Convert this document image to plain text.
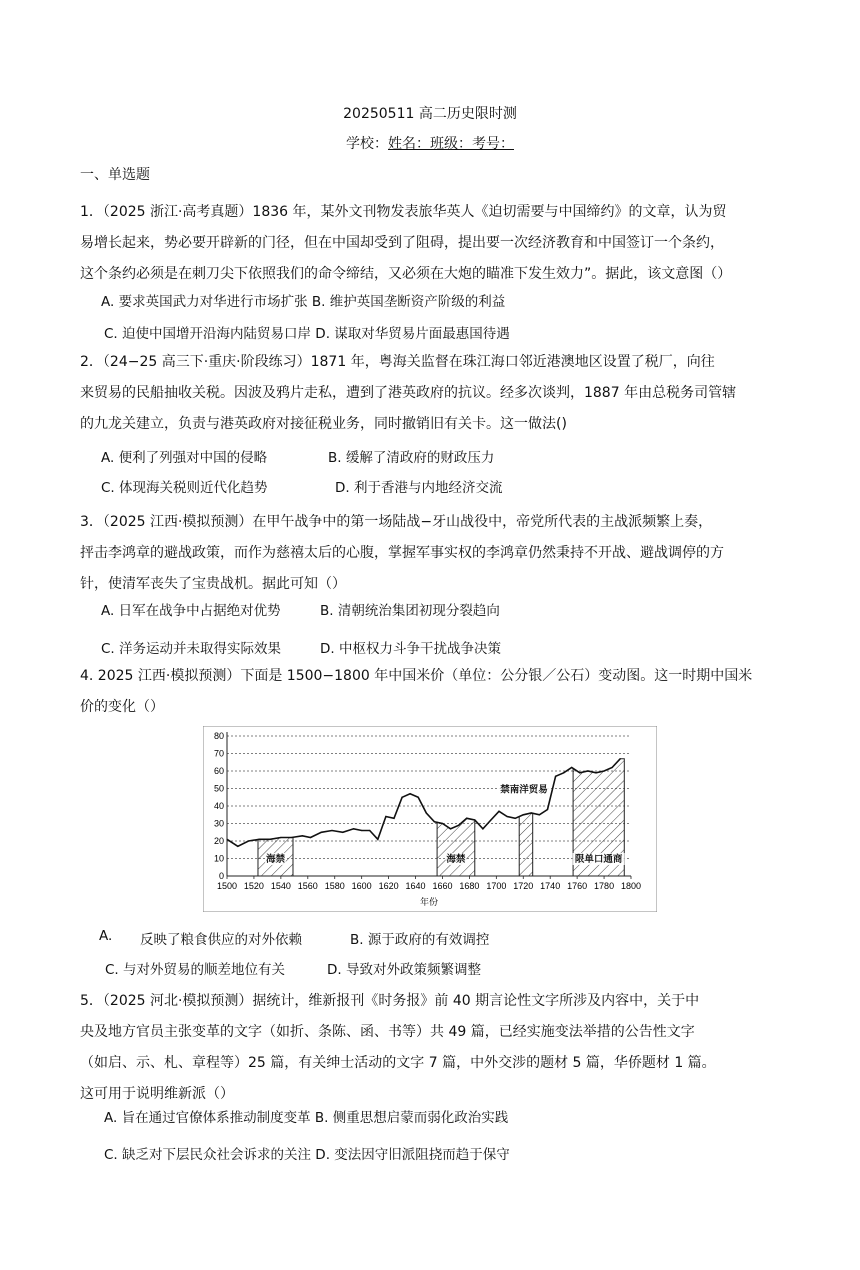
20250511 高二历史限时测
学校：姓名：班级：考号：
一、单选题
1．（2025 浙江·高考真题）1836 年，某外文刊物发表旅华英人《迫切需要与中国缔约》的文章，认为贸
易增长起来，势必要开辟新的门径，但在中国却受到了阻碍，提出要一次经济教育和中国签订一个条约，
这个条约必须是在刺刀尖下依照我们的命令缔结，又必须在大炮的瞄准下发生效力”。据此，该文意图（）
A. 要求英国武力对华进行市场扩张 B. 维护英国垄断资产阶级的利益
C. 迫使中国增开沿海内陆贸易口岸 D. 谋取对华贸易片面最惠国待遇
2．（24−25 高三下·重庆·阶段练习）1871 年，粤海关监督在珠江海口邻近港澳地区设置了税厂，向往
来贸易的民船抽收关税。因波及鸦片走私，遭到了港英政府的抗议。经多次谈判，1887 年由总税务司管辖
的九龙关建立，负责与港英政府对接征税业务，同时撤销旧有关卡。这一做法()
A. 便利了列强对中国的侵略	B. 缓解了清政府的财政压力
C. 体现海关税则近代化趋势	D. 利于香港与内地经济交流
3．（2025 江西·模拟预测）在甲午战争中的第一场陆战−牙山战役中，帝党所代表的主战派频繁上奏，
抨击李鸿章的避战政策，而作为慈禧太后的心腹，掌握军事实权的李鸿章仍然秉持不开战、避战调停的方
针，使清军丧失了宝贵战机。据此可知（）
A. 日军在战争中占据绝对优势	B. 清朝统治集团初现分裂趋向
C. 洋务运动并未取得实际效果	D. 中枢权力斗争干扰战争决策
4. 2025 江西·模拟预测）下面是 1500−1800 年中国米价（单位：公分银／公石）变动图。这一时期中国米
价的变化（）
0
10
20
30
40
50
60
70
80
1500 1520 1540 1560 1580 1600 1620 1640 1660 1680 1700 1720 1740 1760 1780 1800
年份
海禁	海禁
禁南洋贸易
限单口通商
A. 反映了粮食供应的对外依赖	B. 源于政府的有效调控
C. 与对外贸易的顺差地位有关	D. 导致对外政策频繁调整
5．（2025 河北·模拟预测）据统计，维新报刊《时务报》前 40 期言论性文字所涉及内容中，关于中
央及地方官员主张变革的文字（如折、条陈、函、书等）共 49 篇，已经实施变法举措的公告性文字
（如启、示、札、章程等）25 篇，有关绅士活动的文字 7 篇，中外交涉的题材 5 篇，华侨题材 1 篇。
这可用于说明维新派（）
A. 旨在通过官僚体系推动制度变革 B. 侧重思想启蒙而弱化政治实践
C. 缺乏对下层民众社会诉求的关注 D. 变法因守旧派阻挠而趋于保守
